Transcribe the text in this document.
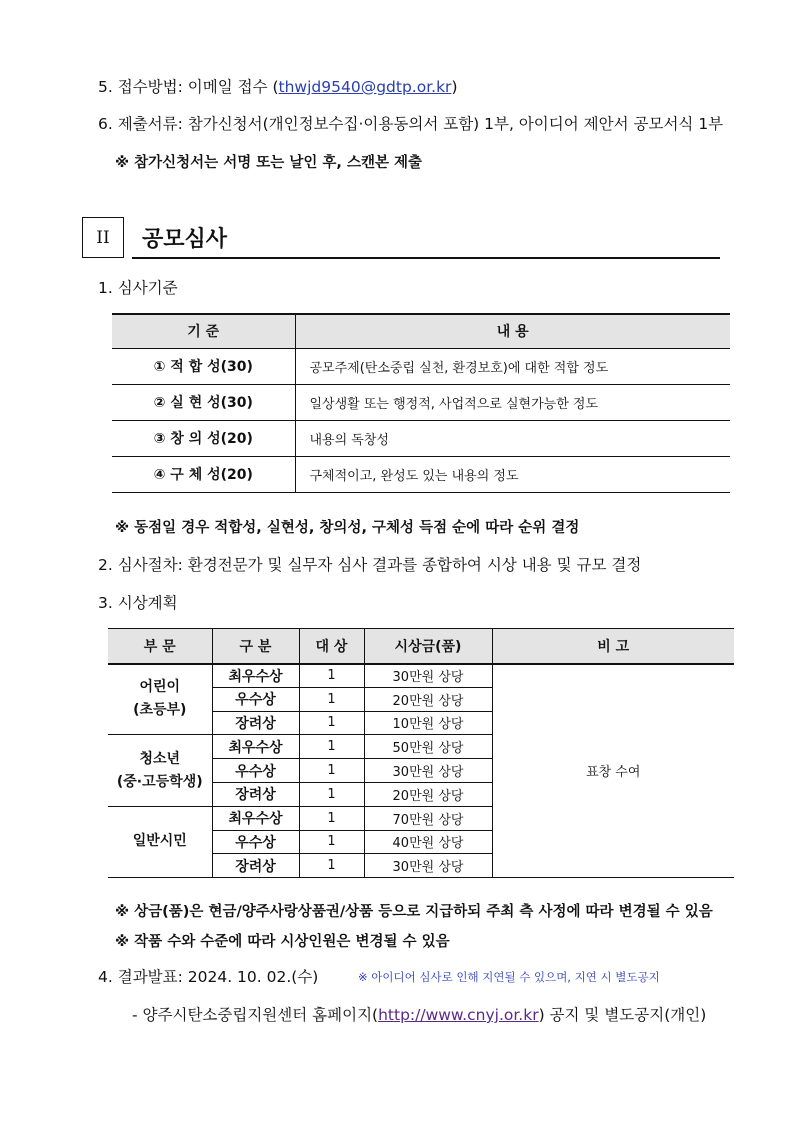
5. 접수방법: 이메일 접수 (thwjd9540@gdtp.or.kr)
6. 제출서류: 참가신청서(개인정보수집·이용동의서 포함) 1부, 아이디어 제안서 공모서식 1부
※ 참가신청서는 서명 또는 날인 후, 스캔본 제출
II 공모심사
1. 심사기준
기 준	내 용
① 적 합 성(30)	공모주제(탄소중립 실천, 환경보호)에 대한 적합 정도
② 실 현 성(30)	일상생활 또는 행정적, 사업적으로 실현가능한 정도
③ 창 의 성(20)	내용의 독창성
④ 구 체 성(20)	구체적이고, 완성도 있는 내용의 정도
※ 동점일 경우 적합성, 실현성, 창의성, 구체성 득점 순에 따라 순위 결정
2. 심사절차: 환경전문가 및 실무자 심사 결과를 종합하여 시상 내용 및 규모 결정
3. 시상계획
부 문	구 분	대 상	시상금(품)	비 고
어린이
(초등부)	최우수상	1	30만원 상당	표창 수여
	우수상	1	20만원 상당	
	장려상	1	10만원 상당	
청소년
(중·고등학생)	최우수상	1	50만원 상당	
	우수상	1	30만원 상당	
	장려상	1	20만원 상당	
일반시민	최우수상	1	70만원 상당	
	우수상	1	40만원 상당	
	장려상	1	30만원 상당	
※ 상금(품)은 현금/양주사랑상품권/상품 등으로 지급하되 주최 측 사정에 따라 변경될 수 있음
※ 작품 수와 수준에 따라 시상인원은 변경될 수 있음
4. 결과발표: 2024. 10. 02.(수)	※ 아이디어 심사로 인해 지연될 수 있으며, 지연 시 별도공지
- 양주시탄소중립지원센터 홈페이지(http://www.cnyj.or.kr) 공지 및 별도공지(개인)
